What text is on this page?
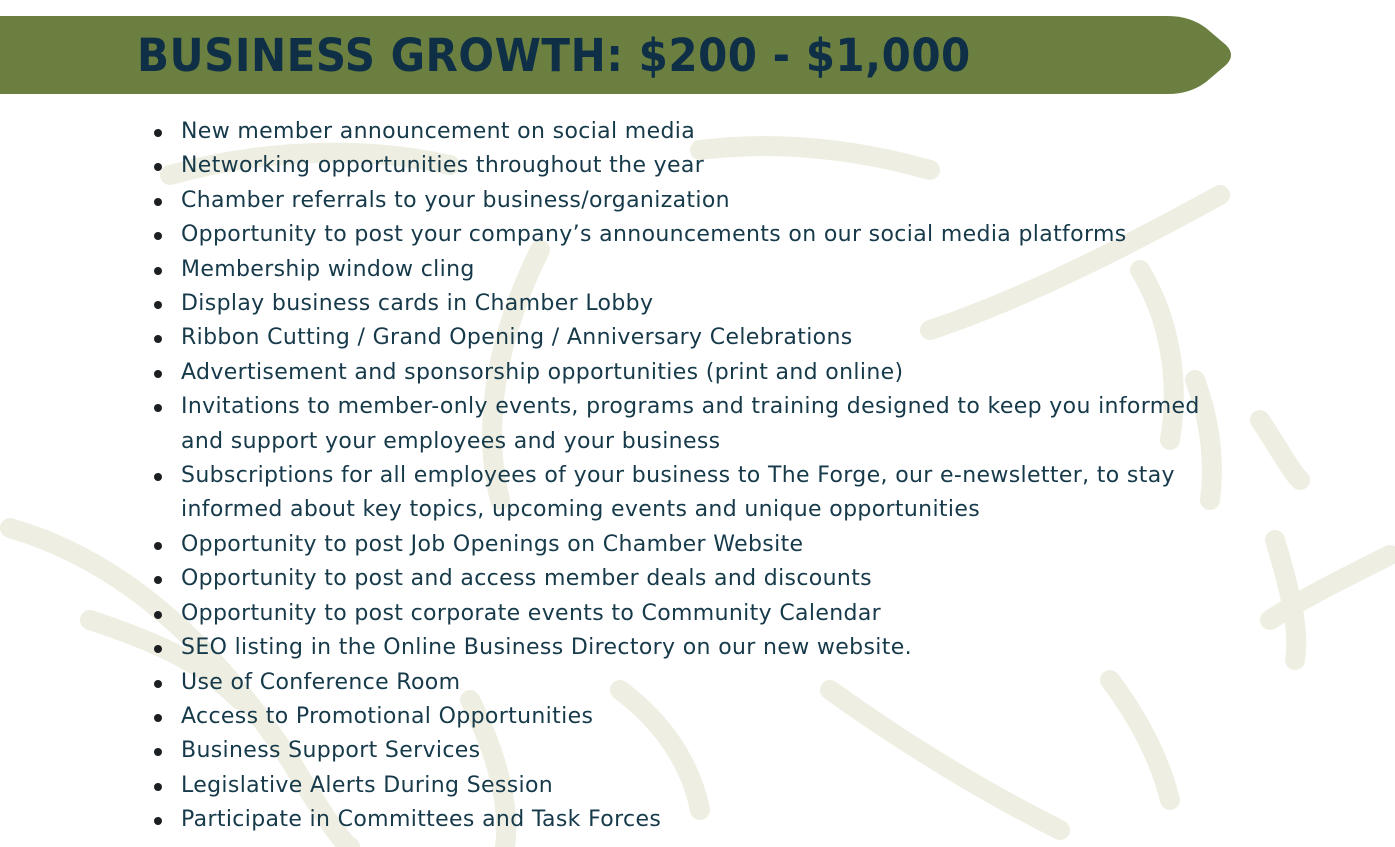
BUSINESS GROWTH: $200 - $1,000
New member announcement on social media
Networking opportunities throughout the year
Chamber referrals to your business/organization
Opportunity to post your company’s announcements on our social media platforms
Membership window cling
Display business cards in Chamber Lobby
Ribbon Cutting / Grand Opening / Anniversary Celebrations
Advertisement and sponsorship opportunities (print and online)
Invitations to member-only events, programs and training designed to keep you informed and support your employees and your business
Subscriptions for all employees of your business to The Forge, our e-newsletter, to stay informed about key topics, upcoming events and unique opportunities
Opportunity to post Job Openings on Chamber Website
Opportunity to post and access member deals and discounts
Opportunity to post corporate events to Community Calendar
SEO listing in the Online Business Directory on our new website.
Use of Conference Room
Access to Promotional Opportunities
Business Support Services
Legislative Alerts During Session
Participate in Committees and Task Forces
